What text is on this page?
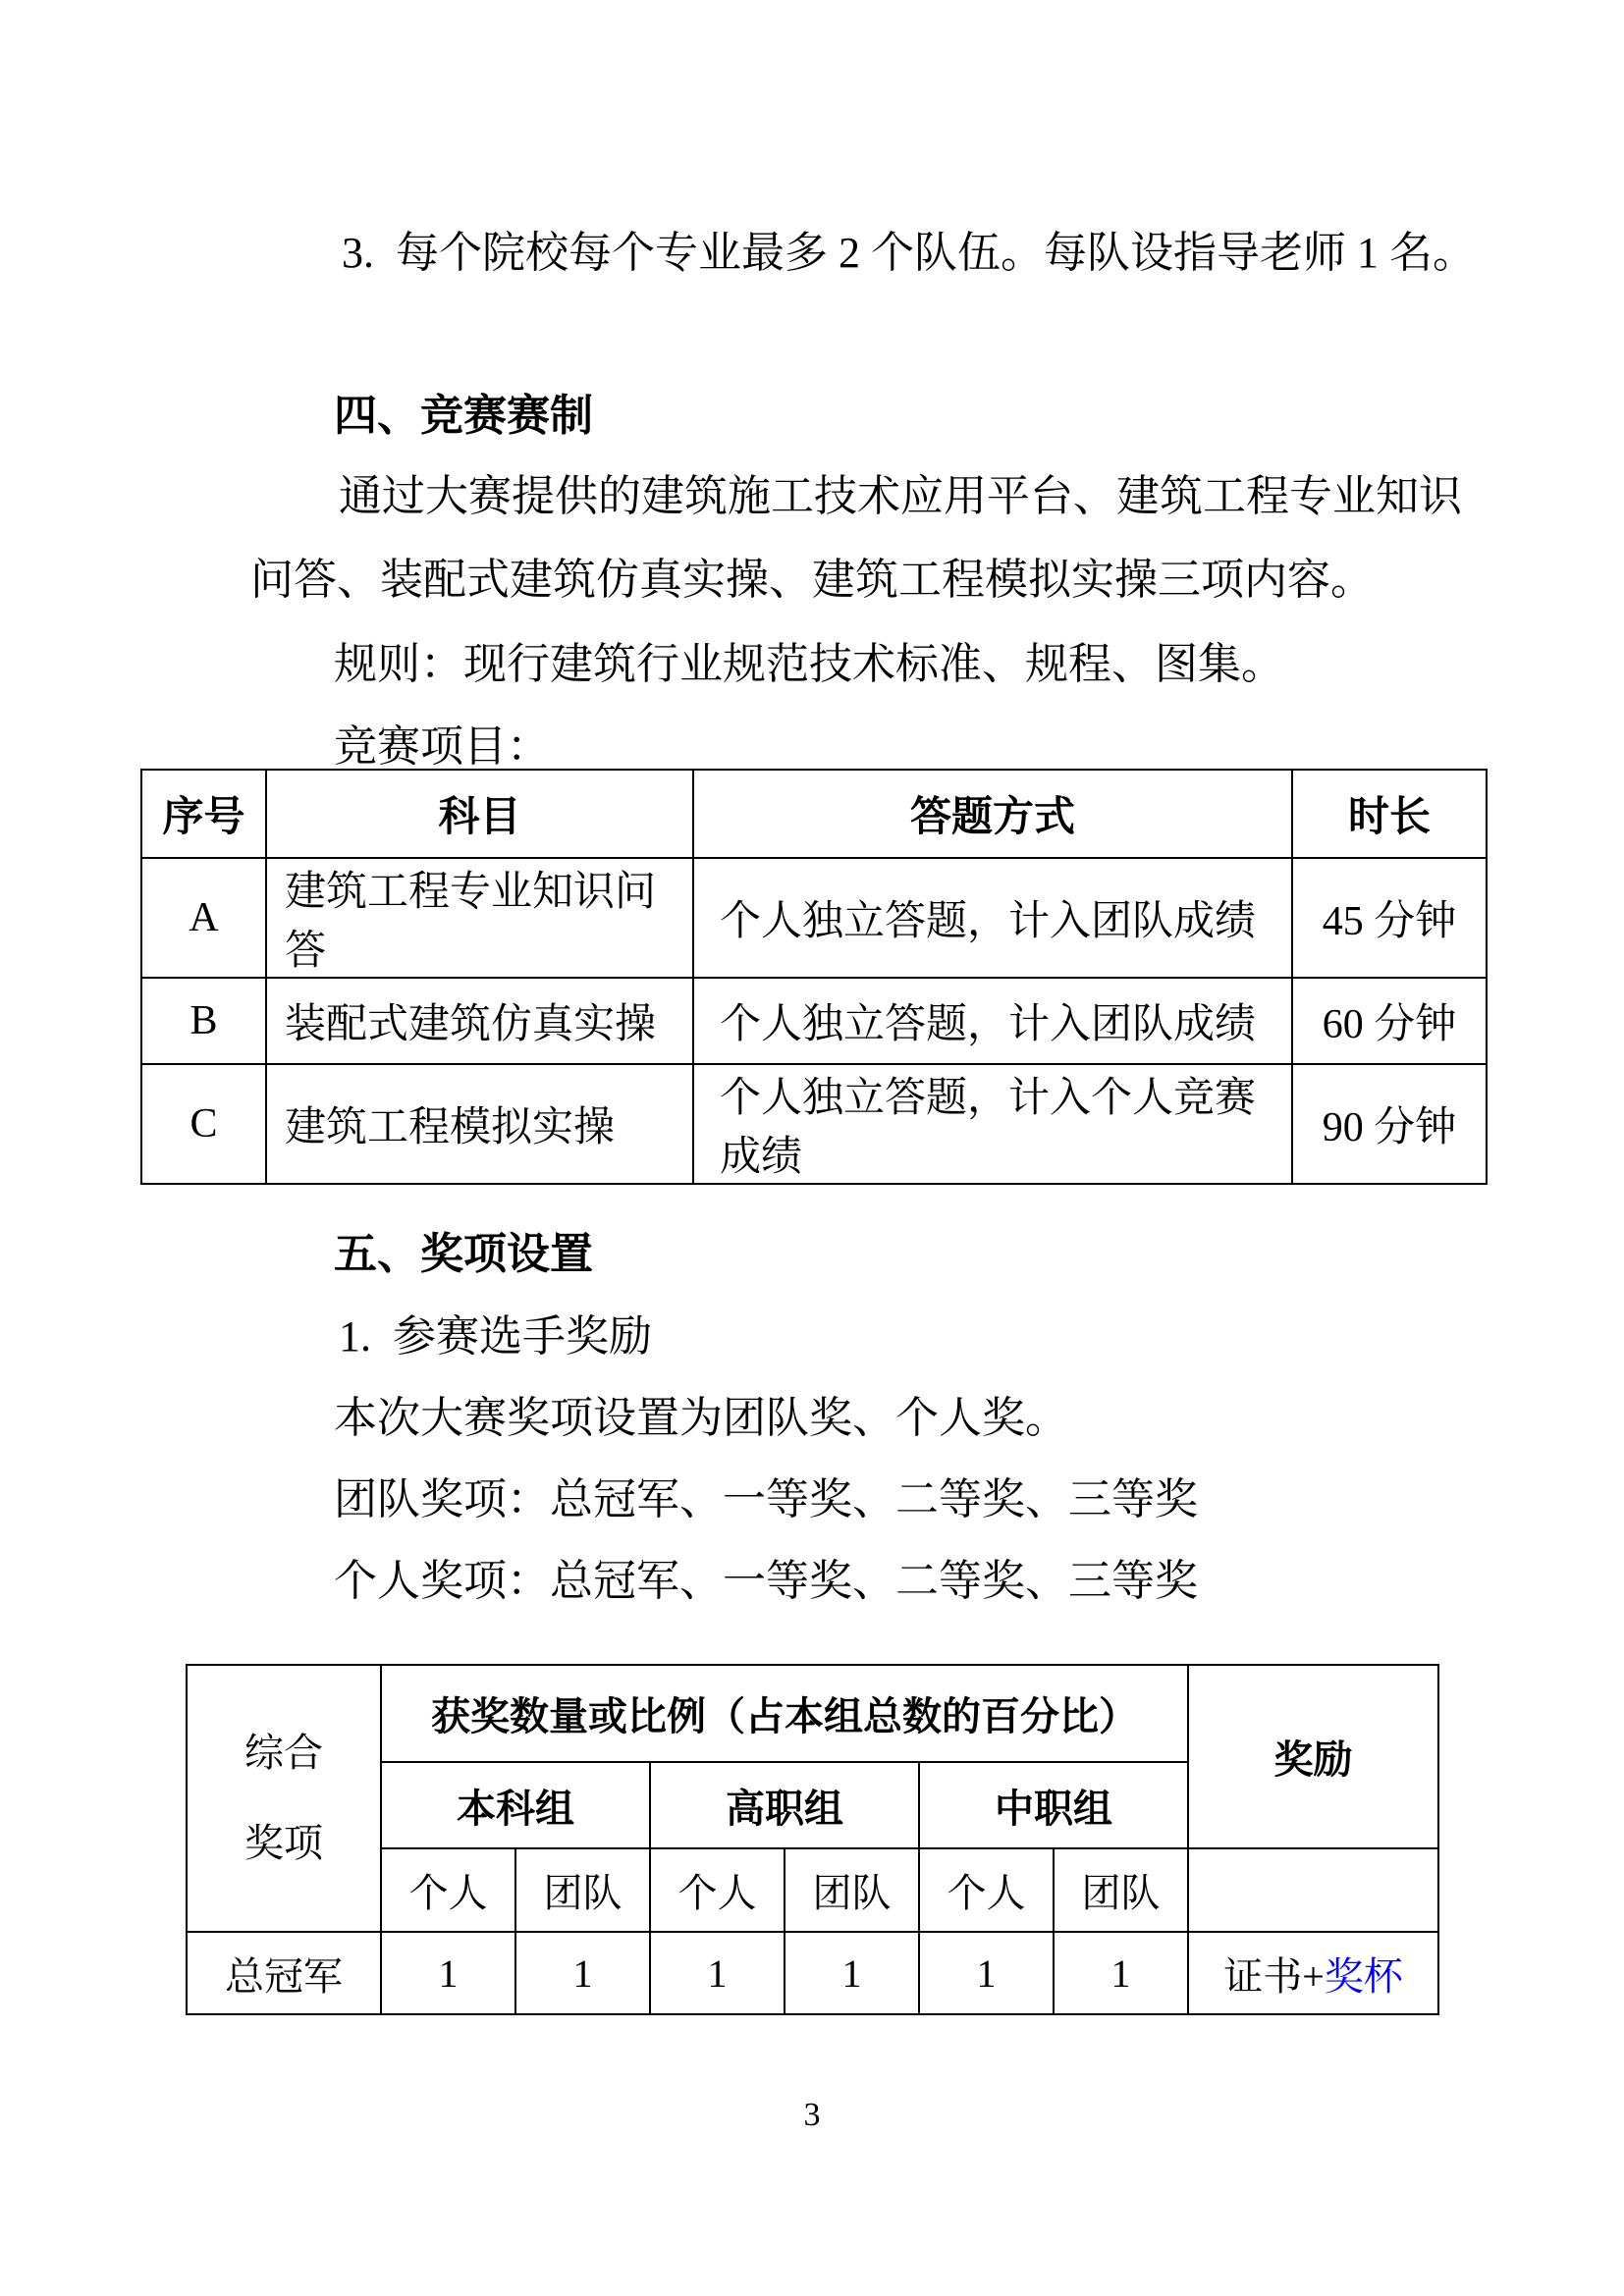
3.  每个院校每个专业最多 2 个队伍。每队设指导老师 1 名。
四、竞赛赛制
通过大赛提供的建筑施工技术应用平台、建筑工程专业知识
问答、装配式建筑仿真实操、建筑工程模拟实操三项内容。
规则：现行建筑行业规范技术标准、规程、图集。
竞赛项目：
序号	科目	答题方式	时长
A	建筑工程专业知识问答	个人独立答题，计入团队成绩	45 分钟
B	装配式建筑仿真实操	个人独立答题，计入团队成绩	60 分钟
C	建筑工程模拟实操	个人独立答题，计入个人竞赛成绩	90 分钟
五、奖项设置
1.  参赛选手奖励
本次大赛奖项设置为团队奖、个人奖。
团队奖项：总冠军、一等奖、二等奖、三等奖
个人奖项：总冠军、一等奖、二等奖、三等奖
综合
奖项	获奖数量或比例（占本组总数的百分比）						奖励
	本科组		高职组		中职组		
	个人	团队	个人	团队	个人	团队	
总冠军	1	1	1	1	1	1	证书+奖杯
3
